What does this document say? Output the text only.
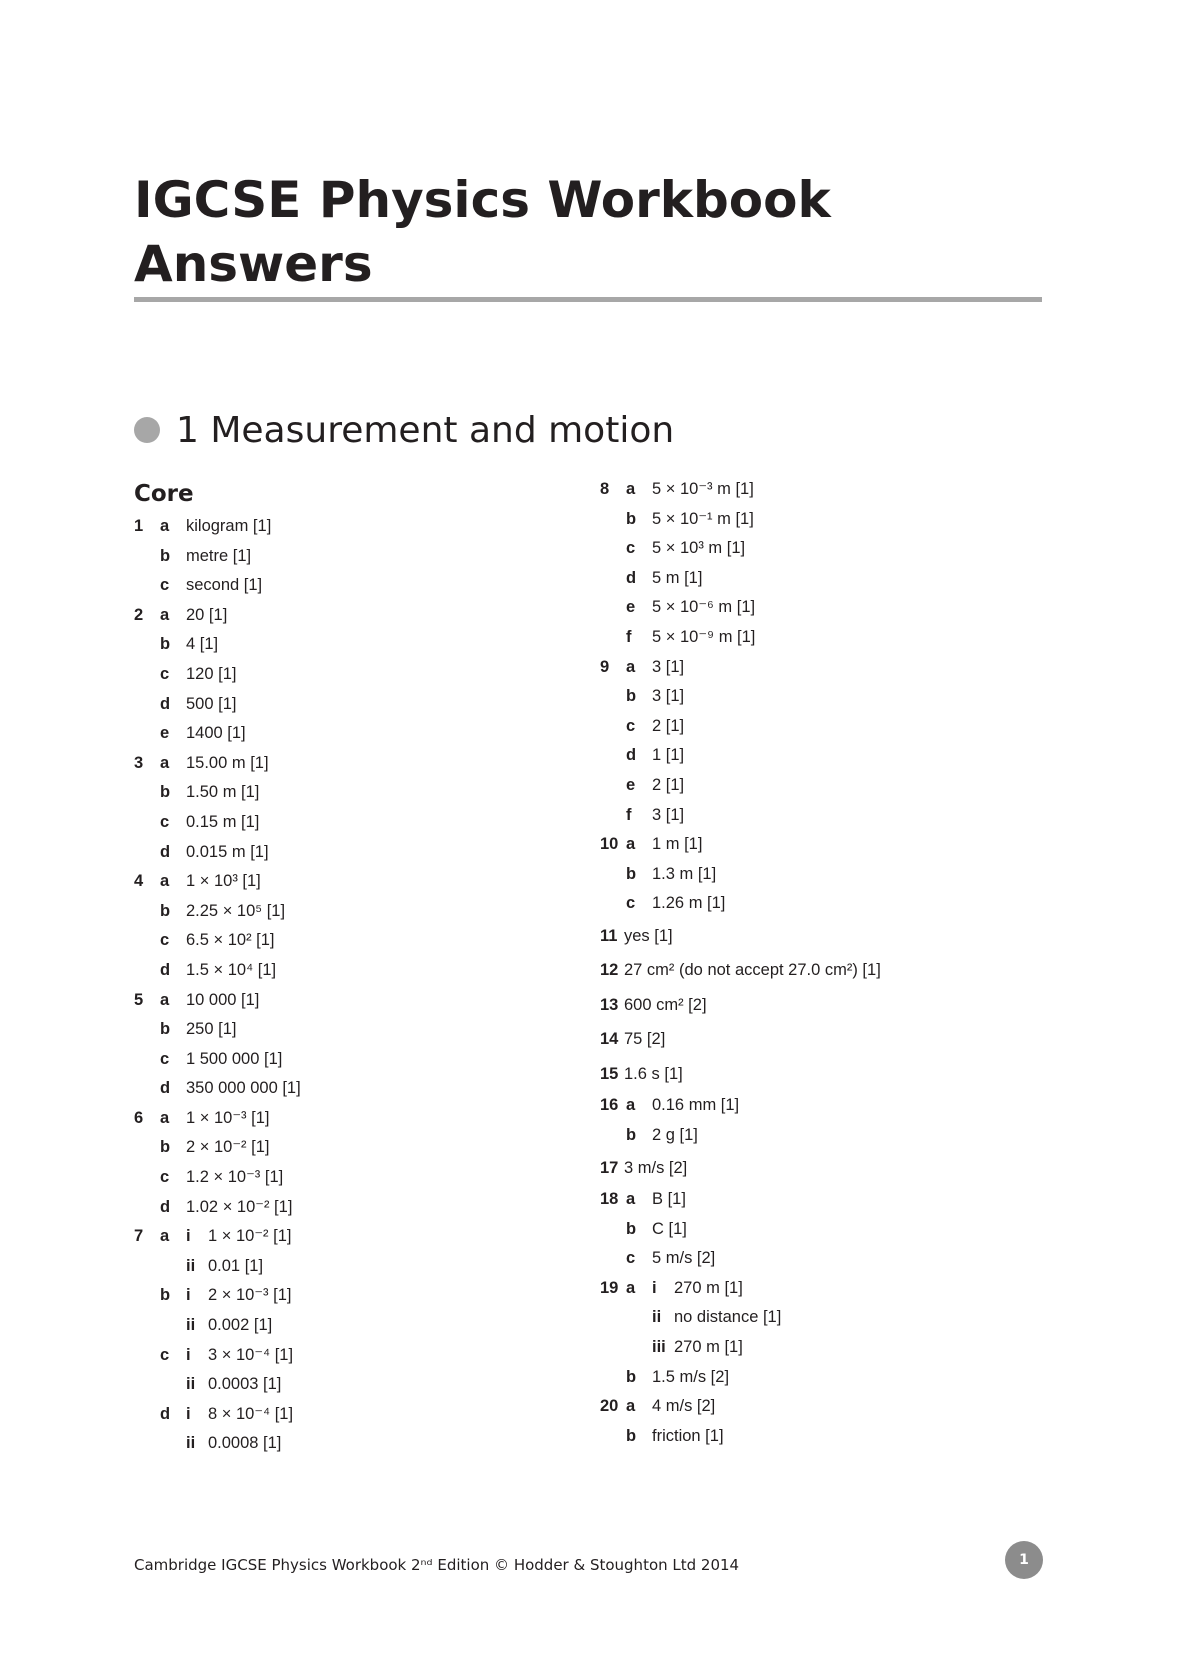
IGCSE Physics Workbook
Answers
1 Measurement and motion
Core
1 a kilogram [1]
b metre [1]
c second [1]
2 a 20 [1]
b 4 [1]
c 120 [1]
d 500 [1]
e 1400 [1]
3 a 15.00 m [1]
b 1.50 m [1]
c 0.15 m [1]
d 0.015 m [1]
4 a 1 × 10³ [1]
b 2.25 × 10⁵ [1]
c 6.5 × 10² [1]
d 1.5 × 10⁴ [1]
5 a 10 000 [1]
b 250 [1]
c 1 500 000 [1]
d 350 000 000 [1]
6 a 1 × 10⁻³ [1]
b 2 × 10⁻² [1]
c 1.2 × 10⁻³ [1]
d 1.02 × 10⁻² [1]
7 a i 1 × 10⁻² [1]
ii 0.01 [1]
b i 2 × 10⁻³ [1]
ii 0.002 [1]
c i 3 × 10⁻⁴ [1]
ii 0.0003 [1]
d i 8 × 10⁻⁴ [1]
ii 0.0008 [1]
8 a 5 × 10⁻³ m [1]
b 5 × 10⁻¹ m [1]
c 5 × 10³ m [1]
d 5 m [1]
e 5 × 10⁻⁶ m [1]
f 5 × 10⁻⁹ m [1]
9 a 3 [1]
b 3 [1]
c 2 [1]
d 1 [1]
e 2 [1]
f 3 [1]
10 a 1 m [1]
b 1.3 m [1]
c 1.26 m [1]
11 yes [1]
12 27 cm² (do not accept 27.0 cm²) [1]
13 600 cm² [2]
14 75 [2]
15 1.6 s [1]
16 a 0.16 mm [1]
b 2 g [1]
17 3 m/s [2]
18 a B [1]
b C [1]
c 5 m/s [2]
19 a i 270 m [1]
ii no distance [1]
iii 270 m [1]
b 1.5 m/s [2]
20 a 4 m/s [2]
b friction [1]
Cambridge IGCSE Physics Workbook 2ⁿᵈ Edition © Hodder & Stoughton Ltd 2014	1
